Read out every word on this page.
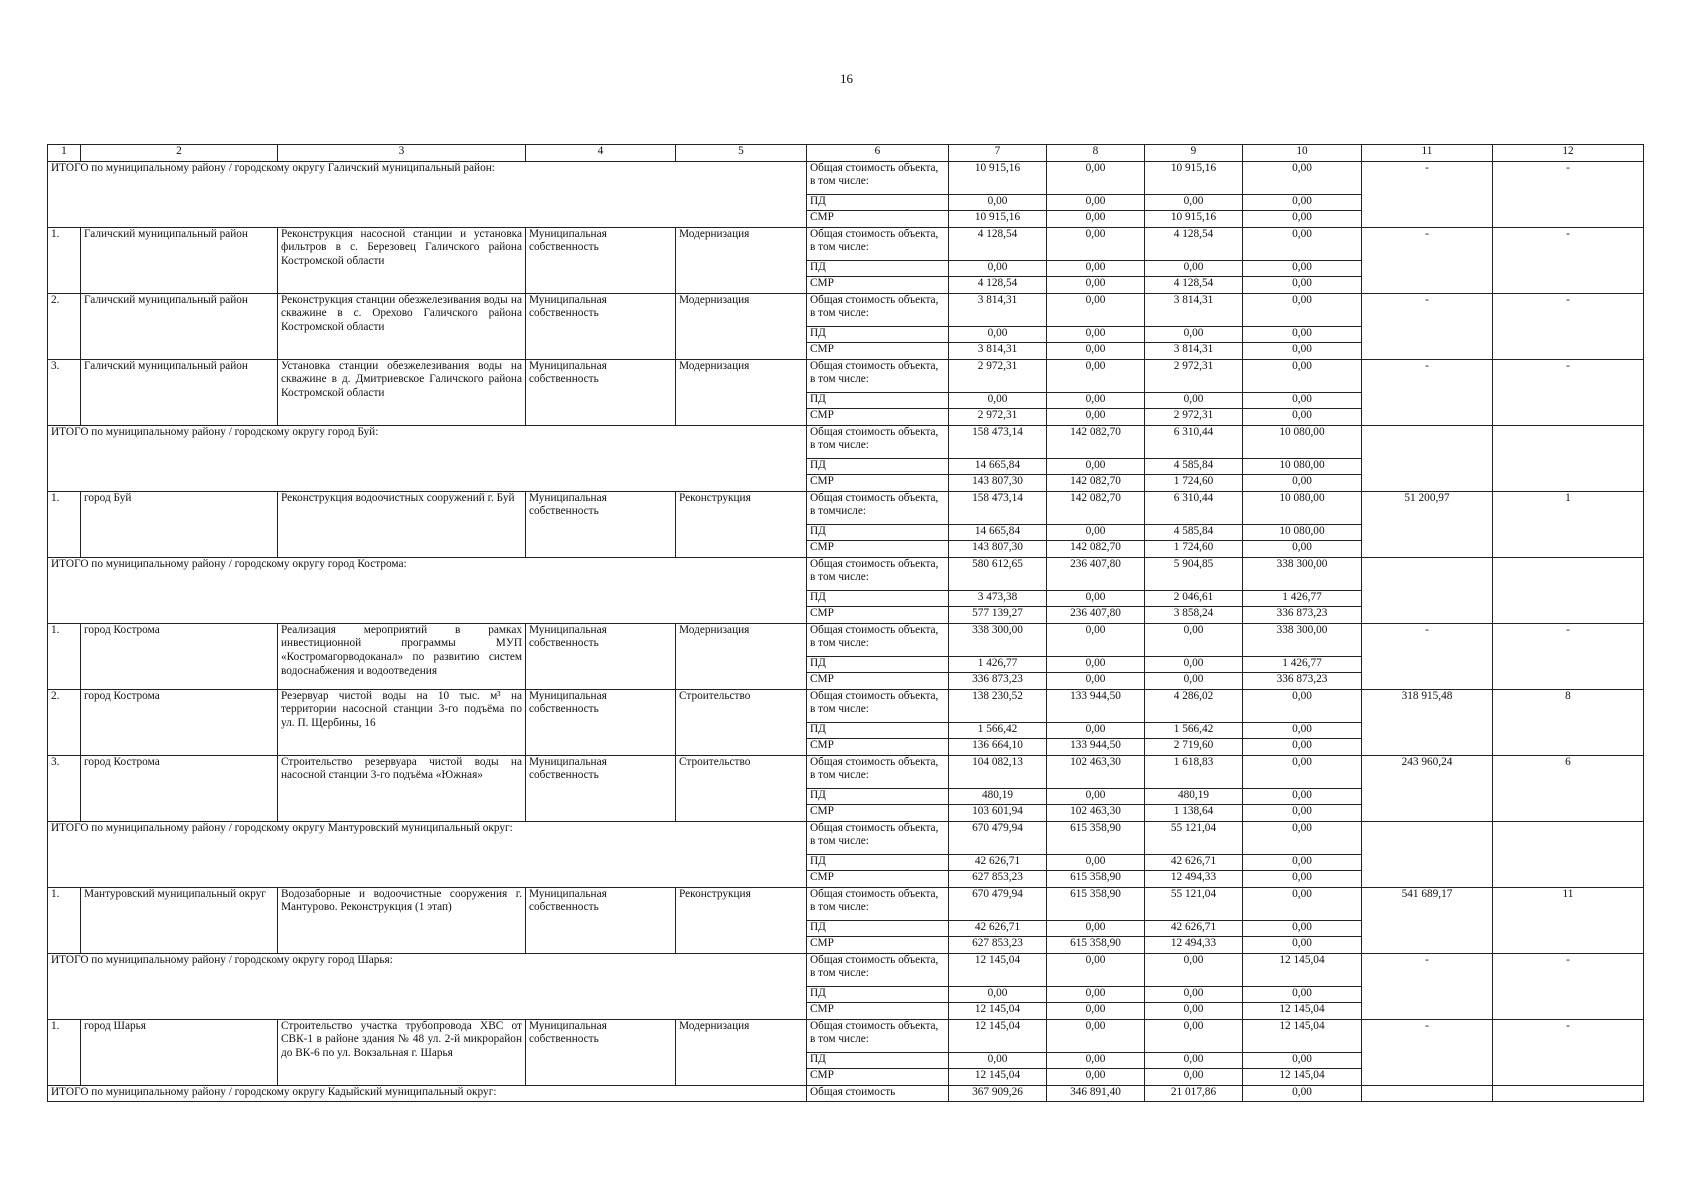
16
1	2	3	4	5	6	7	8	9	10	11	12
ИТОГО по муниципальному району / городскому округу Галичский муниципальный район:					Общая стоимость объекта, в том числе:	10 915,16	0,00	10 915,16	0,00	-	-

					ПД	0,00	0,00	0,00	0,00		
					СМР	10 915,16	0,00	10 915,16	0,00		
1.	Галичский муниципальный район	Реконструкция насосной станции и установка фильтров в с. Березовец Галичского района Костромской области	Муниципальная собственность	Модернизация	Общая стоимость объекта, в том числе:	4 128,54	0,00	4 128,54	0,00	-	-

					ПД	0,00	0,00	0,00	0,00		
					СМР	4 128,54	0,00	4 128,54	0,00		
2.	Галичский муниципальный район	Реконструкция станции обезжелезивания воды на скважине в с. Орехово Галичского района Костромской области	Муниципальная собственность	Модернизация	Общая стоимость объекта, в том числе:	3 814,31	0,00	3 814,31	0,00	-	-

					ПД	0,00	0,00	0,00	0,00		
					СМР	3 814,31	0,00	3 814,31	0,00		
3.	Галичский муниципальный район	Установка станции обезжелезивания воды на скважине в д. Дмитриевское Галичского района Костромской области	Муниципальная собственность	Модернизация	Общая стоимость объекта, в том числе:	2 972,31	0,00	2 972,31	0,00	-	-

					ПД	0,00	0,00	0,00	0,00		
					СМР	2 972,31	0,00	2 972,31	0,00		
ИТОГО по муниципальному району / городскому округу город Буй:					Общая стоимость объекта, в том числе:	158 473,14	142 082,70	6 310,44	10 080,00		

					ПД	14 665,84	0,00	4 585,84	10 080,00		
					СМР	143 807,30	142 082,70	1 724,60	0,00		
1.	город Буй	Реконструкция водоочистных сооружений г. Буй	Муниципальная собственность	Реконструкция	Общая стоимость объекта, в томчисле:	158 473,14	142 082,70	6 310,44	10 080,00	51 200,97	1

					ПД	14 665,84	0,00	4 585,84	10 080,00		
					СМР	143 807,30	142 082,70	1 724,60	0,00		
ИТОГО по муниципальному району / городскому округу город Кострома:					Общая стоимость объекта, в том числе:	580 612,65	236 407,80	5 904,85	338 300,00		

					ПД	3 473,38	0,00	2 046,61	1 426,77		
					СМР	577 139,27	236 407,80	3 858,24	336 873,23		
1.	город Кострома	Реализация мероприятий в рамках инвестиционной программы МУП «Костромагорводоканал» по развитию систем водоснабжения и водоотведения	Муниципальная собственность	Модернизация	Общая стоимость объекта, в том числе:	338 300,00	0,00	0,00	338 300,00	-	-

					ПД	1 426,77	0,00	0,00	1 426,77		
					СМР	336 873,23	0,00	0,00	336 873,23		
2.	город Кострома	Резервуар чистой воды на 10 тыс. м³ на территории насосной станции 3-го подъёма по ул. П. Щербины, 16	Муниципальная собственность	Строительство	Общая стоимость объекта, в том числе:	138 230,52	133 944,50	4 286,02	0,00	318 915,48	8

					ПД	1 566,42	0,00	1 566,42	0,00		
					СМР	136 664,10	133 944,50	2 719,60	0,00		
3.	город Кострома	Строительство резервуара чистой воды на насосной станции 3-го подъёма «Южная»	Муниципальная собственность	Строительство	Общая стоимость объекта, в том числе:	104 082,13	102 463,30	1 618,83	0,00	243 960,24	6

					ПД	480,19	0,00	480,19	0,00		
					СМР	103 601,94	102 463,30	1 138,64	0,00		
ИТОГО по муниципальному району / городскому округу Мантуровский муниципальный округ:					Общая стоимость объекта, в том числе:	670 479,94	615 358,90	55 121,04	0,00		

					ПД	42 626,71	0,00	42 626,71	0,00		
					СМР	627 853,23	615 358,90	12 494,33	0,00		
1.	Мантуровский муниципальный округ	Водозаборные и водоочистные сооружения г. Мантурово. Реконструкция (1 этап)	Муниципальная собственность	Реконструкция	Общая стоимость объекта, в том числе:	670 479,94	615 358,90	55 121,04	0,00	541 689,17	11

					ПД	42 626,71	0,00	42 626,71	0,00		
					СМР	627 853,23	615 358,90	12 494,33	0,00		
ИТОГО по муниципальному району / городскому округу город Шарья:					Общая стоимость объекта, в том числе:	12 145,04	0,00	0,00	12 145,04	-	-

					ПД	0,00	0,00	0,00	0,00		
					СМР	12 145,04	0,00	0,00	12 145,04		
1.	город Шарья	Строительство участка трубопровода ХВС от СВК-1 в районе здания № 48 ул. 2-й микрорайон до ВК-6 по ул. Вокзальная г. Шарья	Муниципальная собственность	Модернизация	Общая стоимость объекта, в том числе:	12 145,04	0,00	0,00	12 145,04	-	-

					ПД	0,00	0,00	0,00	0,00		
					СМР	12 145,04	0,00	0,00	12 145,04		
ИТОГО по муниципальному району / городскому округу Кадыйский муниципальный округ:					Общая стоимость	367 909,26	346 891,40	21 017,86	0,00		
